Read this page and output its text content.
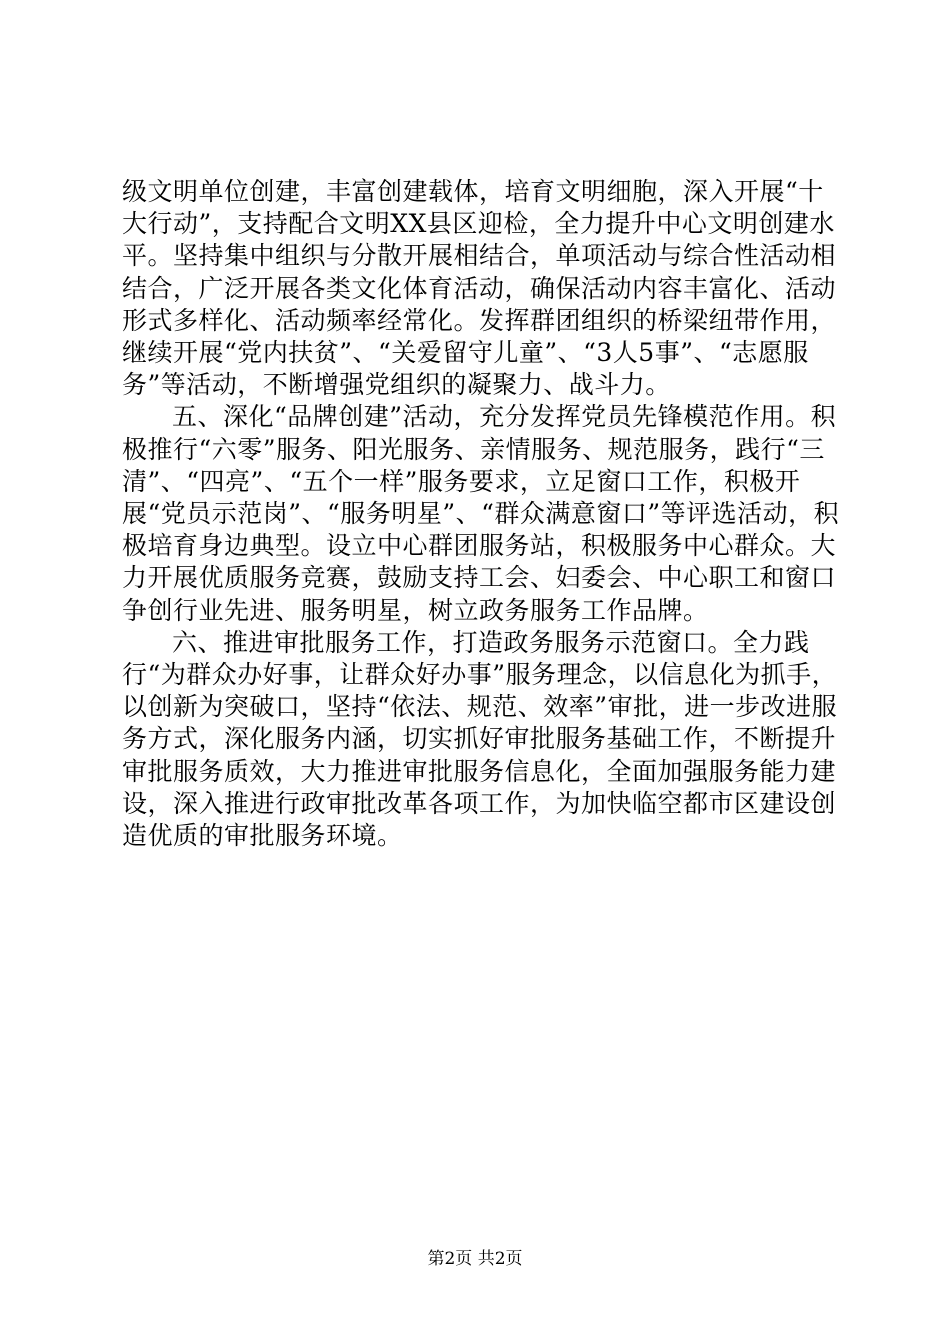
级文明单位创建，丰富创建载体，培育文明细胞，深入开展“十大行动”，支持配合文明XX县区迎检，全力提升中心文明创建水平。坚持集中组织与分散开展相结合，单项活动与综合性活动相结合，广泛开展各类文化体育活动，确保活动内容丰富化、活动形式多样化、活动频率经常化。发挥群团组织的桥梁纽带作用，继续开展“党内扶贫”、“关爱留守儿童”、“3人5事”、“志愿服务”等活动，不断增强党组织的凝聚力、战斗力。

五、深化“品牌创建”活动，充分发挥党员先锋模范作用。积极推行“六零”服务、阳光服务、亲情服务、规范服务，践行“三清”、“四亮”、“五个一样”服务要求，立足窗口工作，积极开展“党员示范岗”、“服务明星”、“群众满意窗口”等评选活动，积极培育身边典型。设立中心群团服务站，积极服务中心群众。大力开展优质服务竞赛，鼓励支持工会、妇委会、中心职工和窗口争创行业先进、服务明星，树立政务服务工作品牌。

六、推进审批服务工作，打造政务服务示范窗口。全力践行“为群众办好事，让群众好办事”服务理念，以信息化为抓手，以创新为突破口，坚持“依法、规范、效率”审批，进一步改进服务方式，深化服务内涵，切实抓好审批服务基础工作，不断提升审批服务质效，大力推进审批服务信息化，全面加强服务能力建设，深入推进行政审批改革各项工作，为加快临空都市区建设创造优质的审批服务环境。

第2页 共2页
